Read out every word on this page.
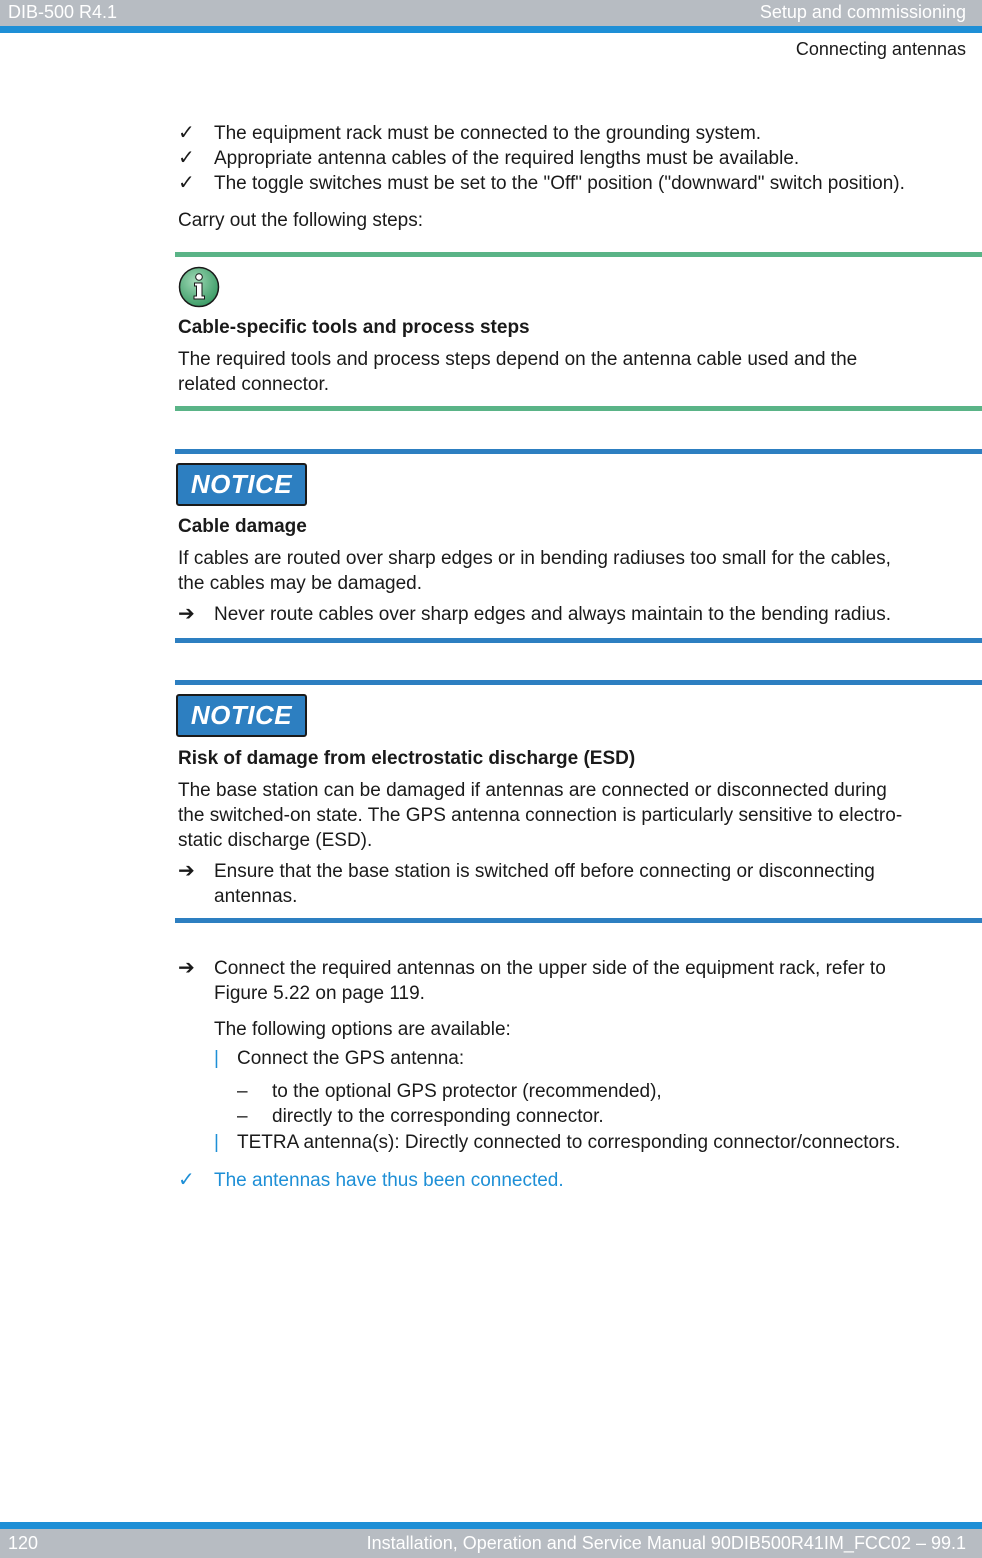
DIB-500 R4.1	Setup and commissioning
Connecting antennas
✓ The equipment rack must be connected to the grounding system.
✓ Appropriate antenna cables of the required lengths must be available.
✓ The toggle switches must be set to the "Off" position ("downward" switch position).
Carry out the following steps:
Cable-specific tools and process steps
The required tools and process steps depend on the antenna cable used and the
related connector.
NOTICE
Cable damage
If cables are routed over sharp edges or in bending radiuses too small for the cables,
the cables may be damaged.
➔ Never route cables over sharp edges and always maintain to the bending radius.
NOTICE
Risk of damage from electrostatic discharge (ESD)
The base station can be damaged if antennas are connected or disconnected during
the switched-on state. The GPS antenna connection is particularly sensitive to electro-
static discharge (ESD).
➔ Ensure that the base station is switched off before connecting or disconnecting
antennas.
➔ Connect the required antennas on the upper side of the equipment rack, refer to
Figure 5.22 on page 119.
The following options are available:
| Connect the GPS antenna:
– to the optional GPS protector (recommended),
– directly to the corresponding connector.
| TETRA antenna(s): Directly connected to corresponding connector/connectors.
✓ The antennas have thus been connected.
120	Installation, Operation and Service Manual 90DIB500R41IM_FCC02 – 99.1
